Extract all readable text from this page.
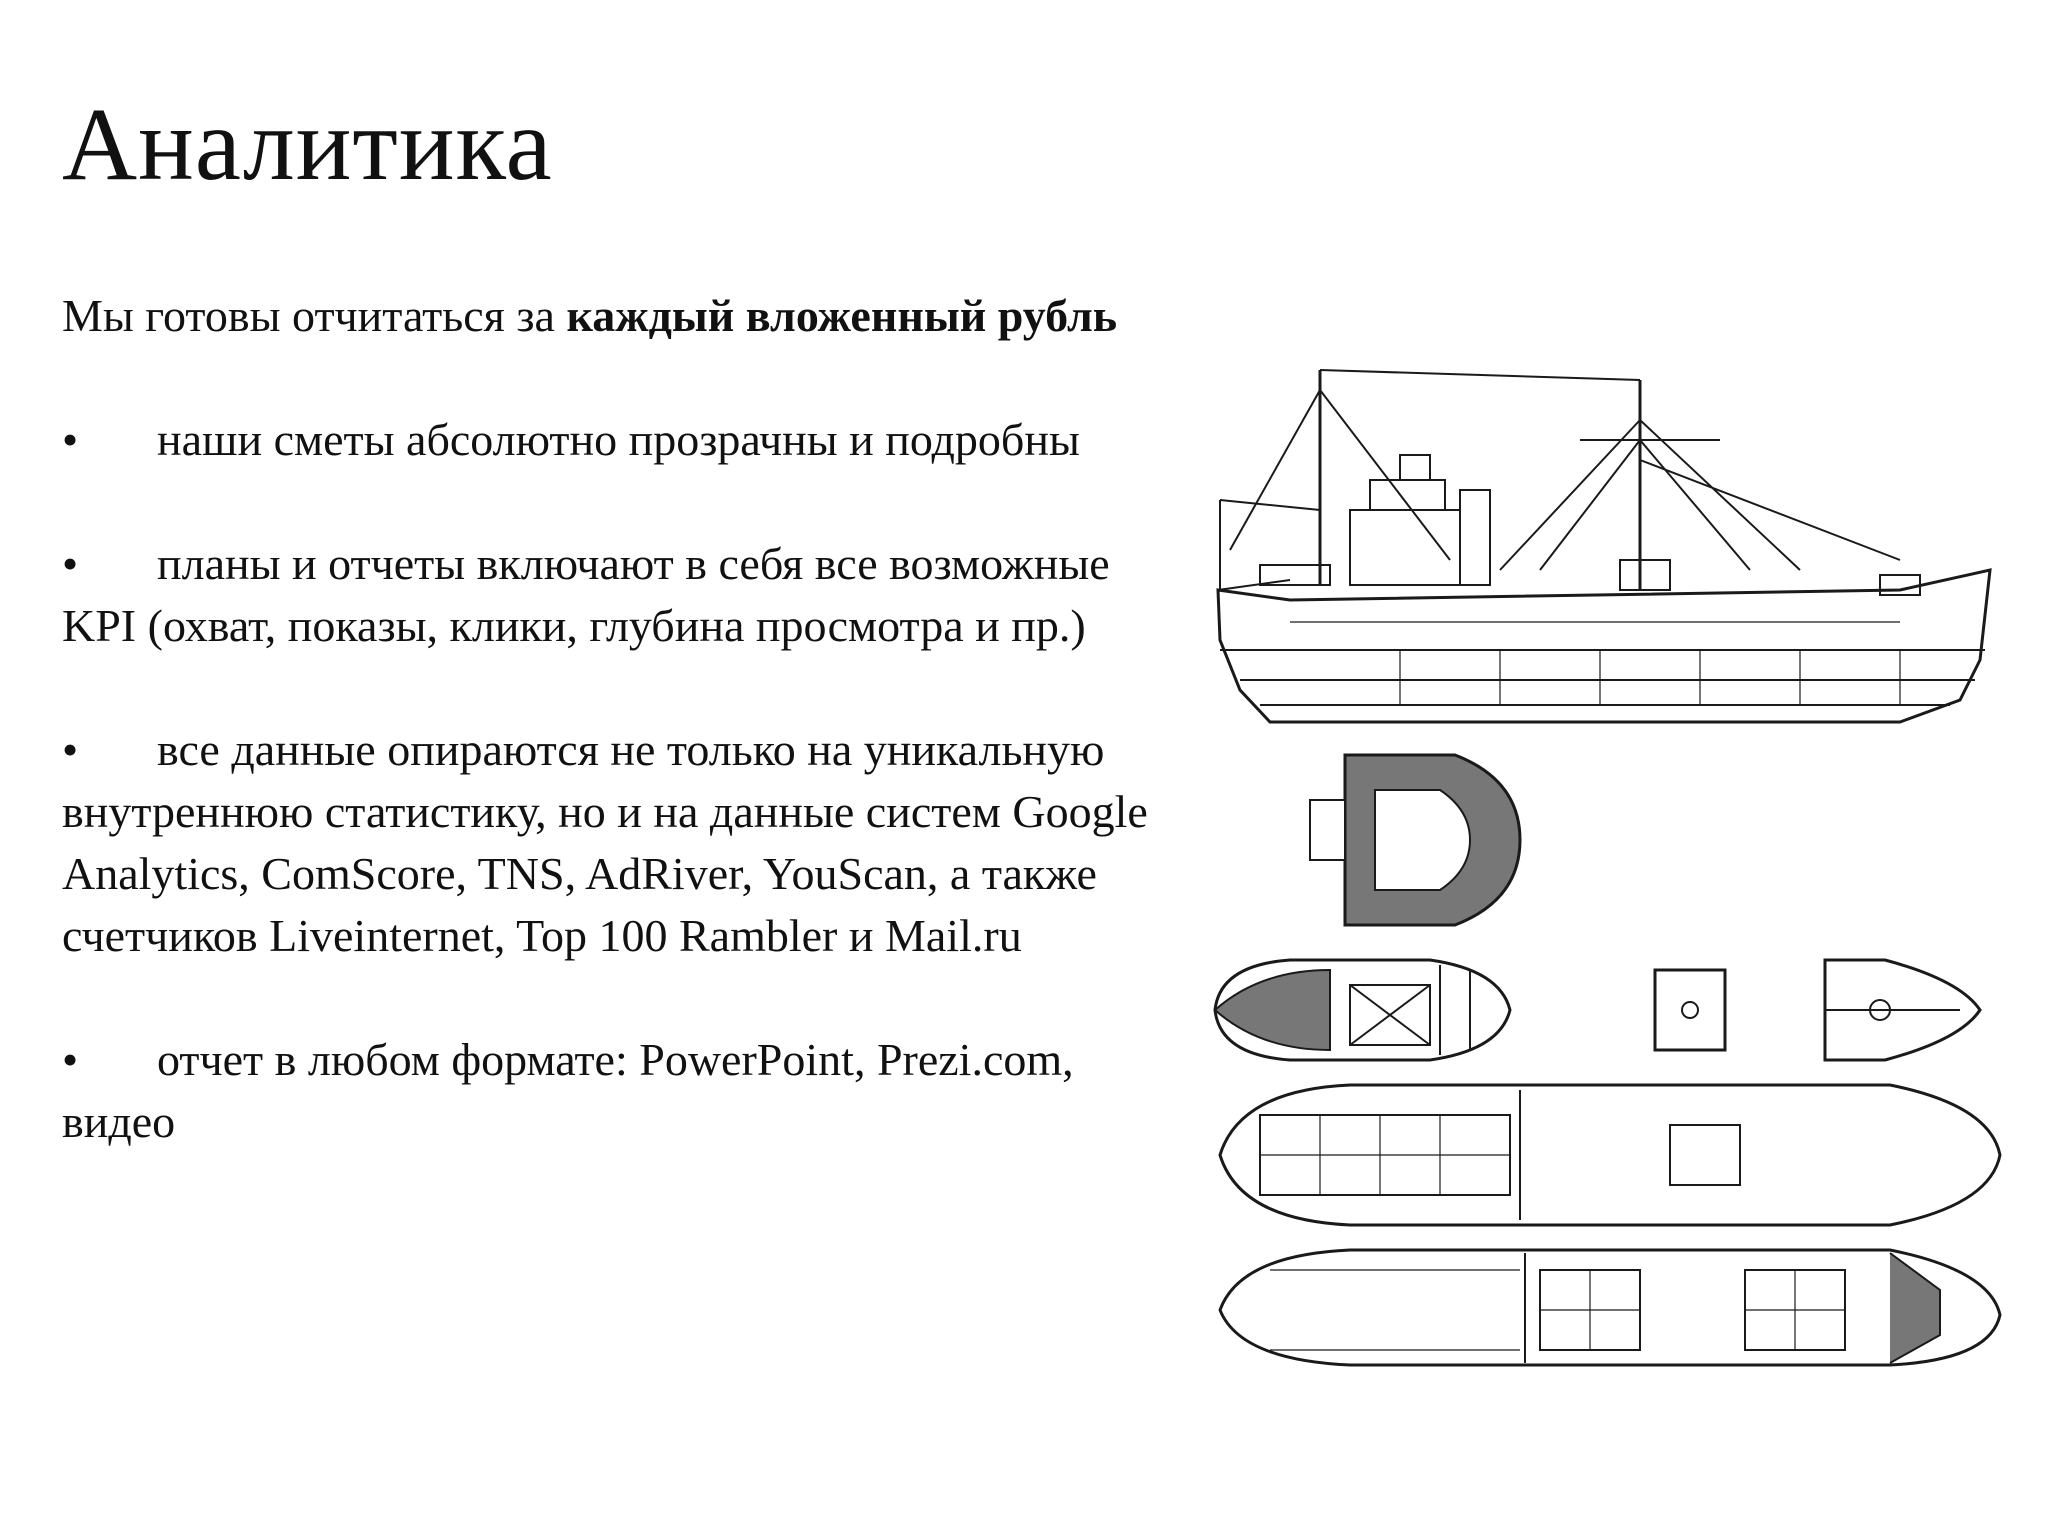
Аналитика

Мы готовы отчитаться за каждый вложенный рубль

• наши сметы абсолютно прозрачны и подробны

• планы и отчеты включают в себя все возможные KPI (охват, показы, клики, глубина просмотра и пр.)

• все данные опираются не только на уникальную внутреннюю статистику, но и на данные систем Google Analytics, ComScore, TNS, AdRiver, YouScan, а также счетчиков Liveinternet, Top 100 Rambler и Mail.ru

• отчет в любом формате: PowerPoint, Prezi.com, видео
